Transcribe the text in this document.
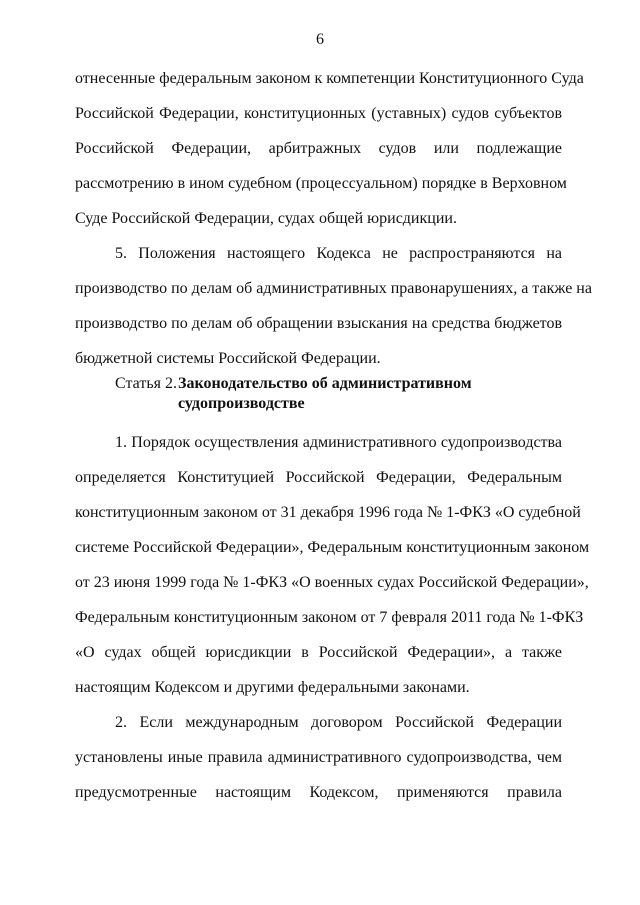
6
отнесенные федеральным законом к компетенции Конституционного Суда
Российской Федерации, конституционных (уставных) судов субъектов
Российской Федерации, арбитражных судов или подлежащие
рассмотрению в ином судебном (процессуальном) порядке в Верховном
Суде Российской Федерации, судах общей юрисдикции.
5. Положения настоящего Кодекса не распространяются на
производство по делам об административных правонарушениях, а также на
производство по делам об обращении взыскания на средства бюджетов
бюджетной системы Российской Федерации.
Статья 2. Законодательство об административном судопроизводстве
1. Порядок осуществления административного судопроизводства
определяется Конституцией Российской Федерации, Федеральным
конституционным законом от 31 декабря 1996 года № 1-ФКЗ «О судебной
системе Российской Федерации», Федеральным конституционным законом
от 23 июня 1999 года № 1-ФКЗ «О военных судах Российской Федерации»,
Федеральным конституционным законом от 7 февраля 2011 года № 1-ФКЗ
«О судах общей юрисдикции в Российской Федерации», а также
настоящим Кодексом и другими федеральными законами.
2. Если международным договором Российской Федерации
установлены иные правила административного судопроизводства, чем
предусмотренные настоящим Кодексом, применяются правила
